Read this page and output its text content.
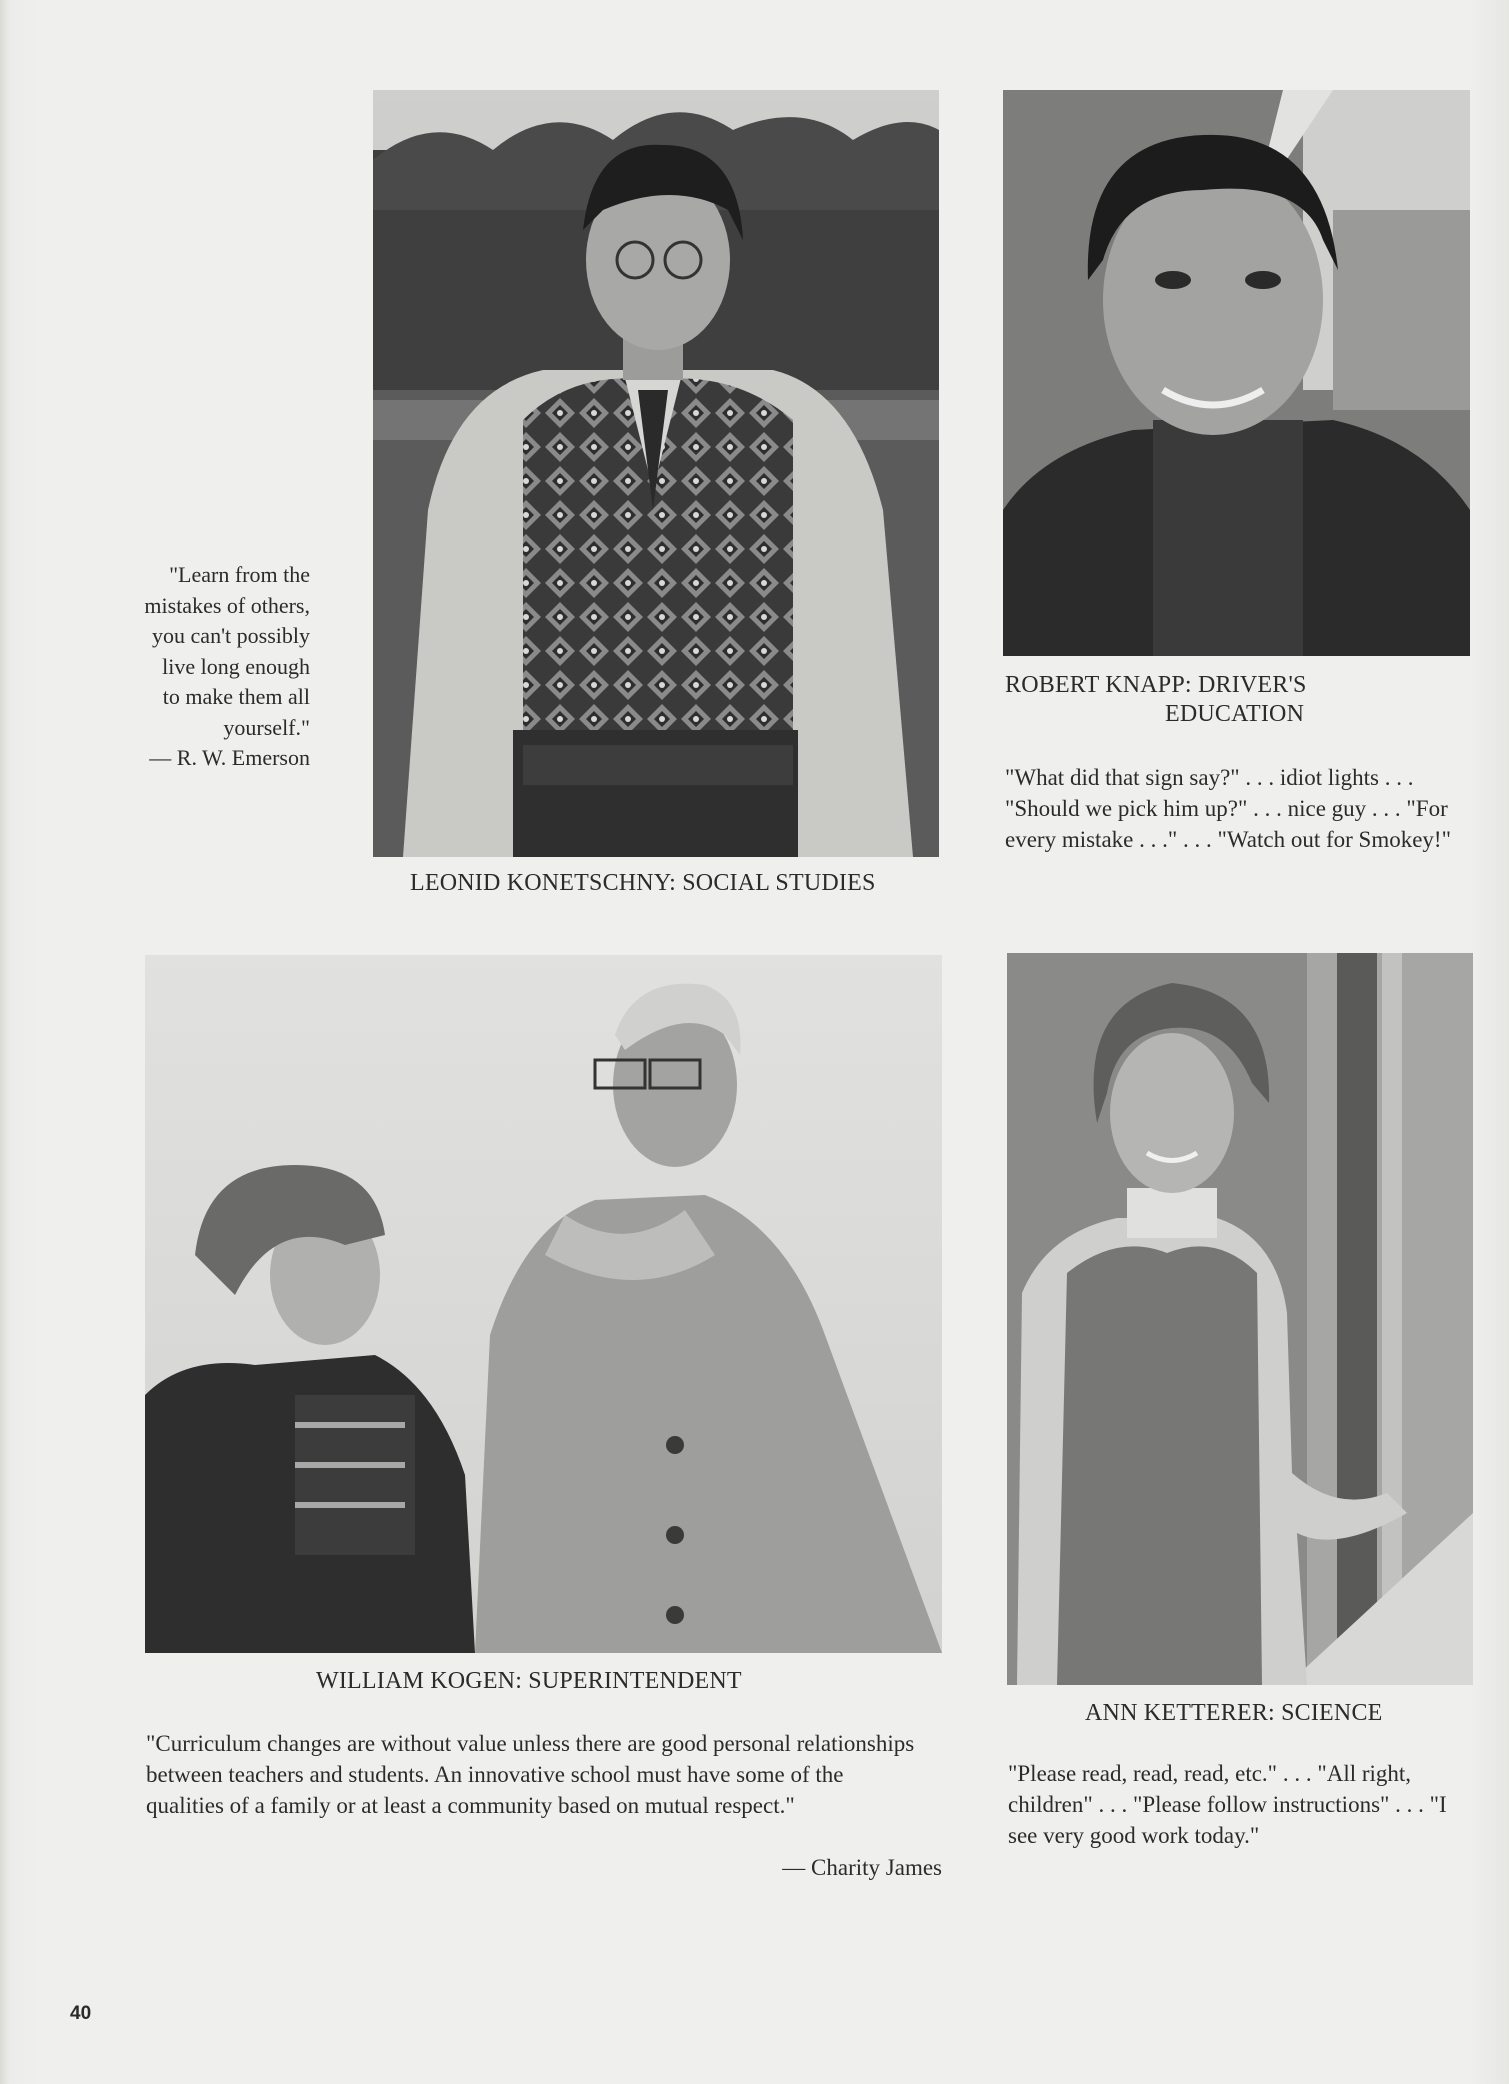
"Learn from the mistakes of others, you can't possibly live long enough to make them all yourself."
— R. W. Emerson
LEONID KONETSCHNY: SOCIAL STUDIES
ROBERT KNAPP: DRIVER'S
EDUCATION
"What did that sign say?" . . . idiot lights . . . "Should we pick him up?" . . . nice guy . . . "For every mistake . . ." . . . "Watch out for Smokey!"
WILLIAM KOGEN: SUPERINTENDENT
"Curriculum changes are without value unless there are good personal relationships between teachers and students. An innovative school must have some of the qualities of a family or at least a community based on mutual respect."
— Charity James
ANN KETTERER: SCIENCE
"Please read, read, read, etc." . . . "All right, children" . . . "Please follow instructions" . . . "I see very good work today."
40
